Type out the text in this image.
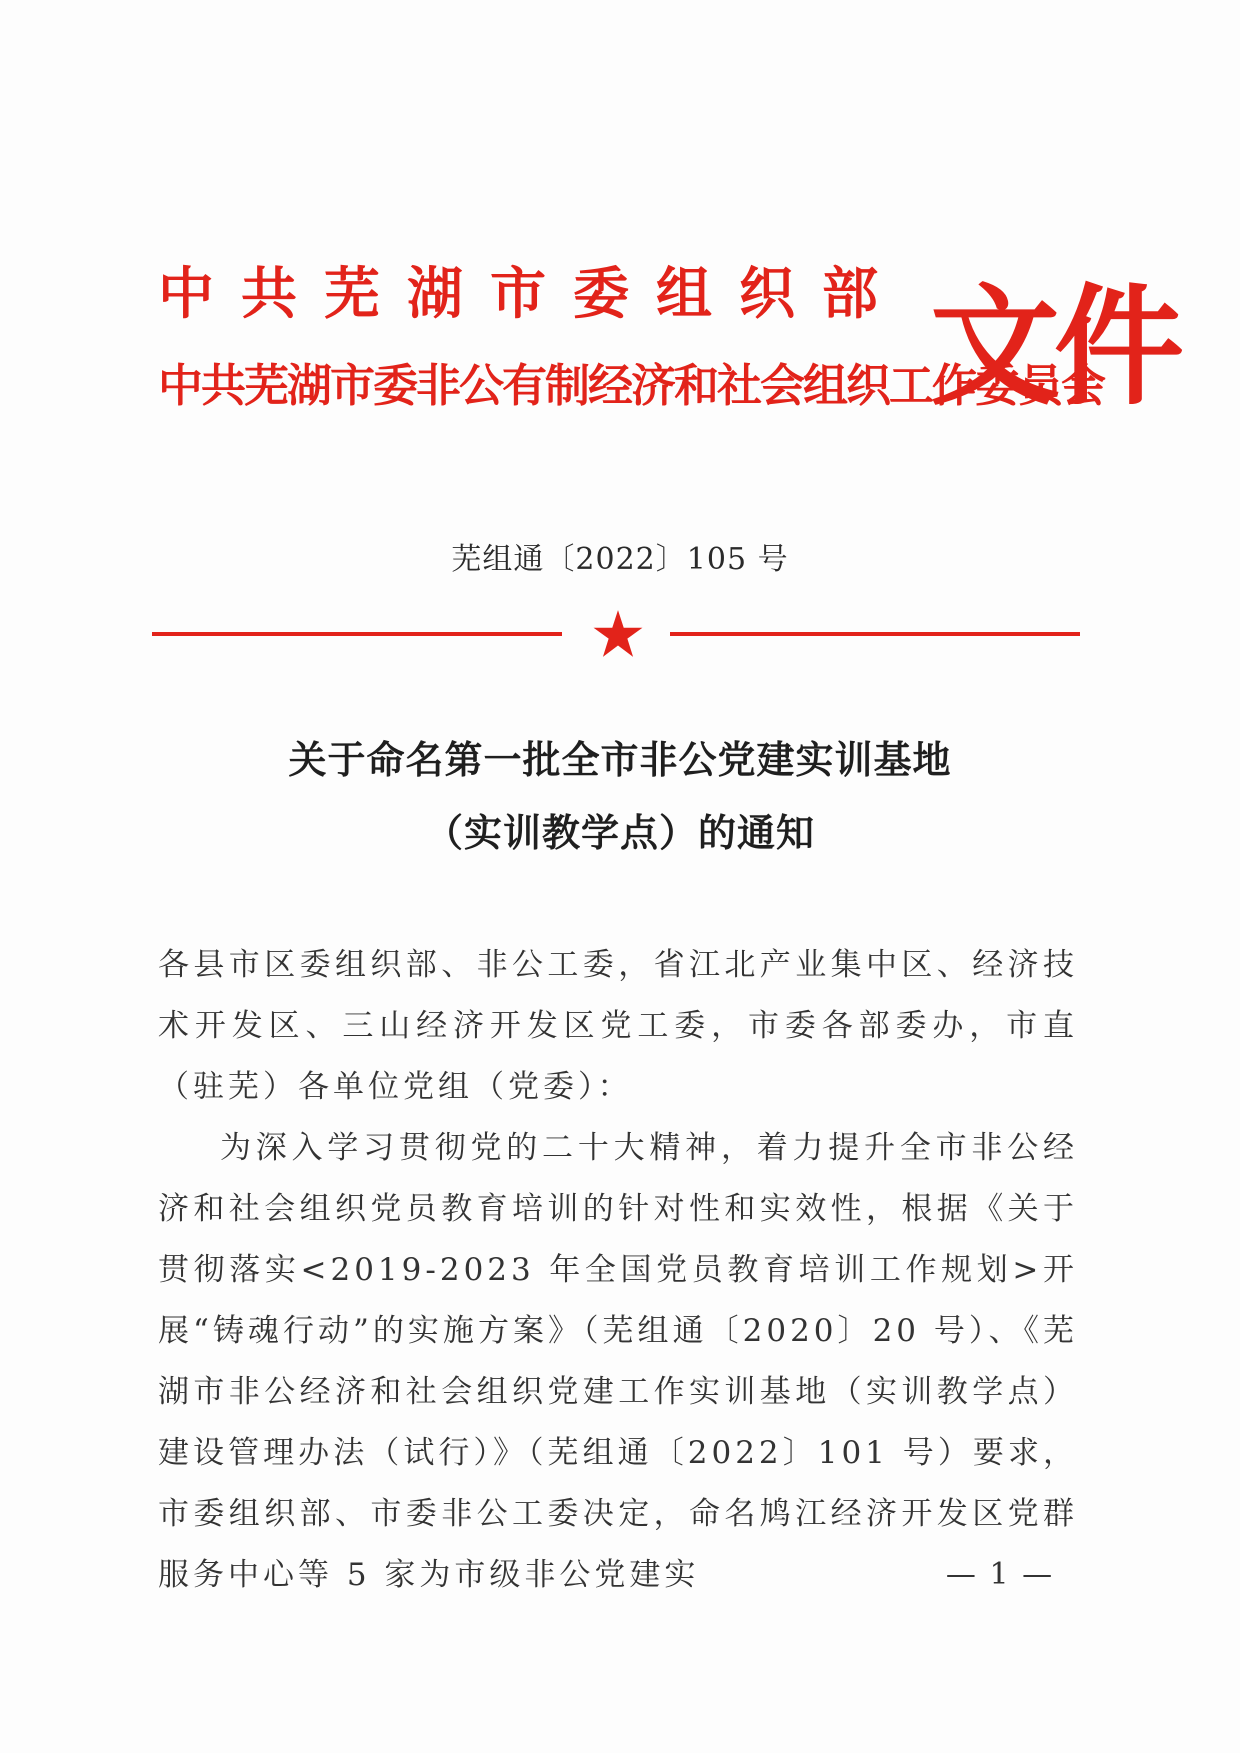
中共芜湖市委组织部
中共芜湖市委非公有制经济和社会组织工作委员会
文件
芜组通〔2022〕105 号
关于命名第一批全市非公党建实训基地
（实训教学点）的通知

各县市区委组织部、非公工委，省江北产业集中区、经济技术开发区、三山经济开发区党工委，市委各部委办，市直（驻芜）各单位党组（党委）：

为深入学习贯彻党的二十大精神，着力提升全市非公经济和社会组织党员教育培训的针对性和实效性，根据《关于贯彻落实<2019-2023 年全国党员教育培训工作规划>开展“铸魂行动”的实施方案》（芜组通〔2020〕20 号）、《芜湖市非公经济和社会组织党建工作实训基地（实训教学点）建设管理办法（试行）》（芜组通〔2022〕101 号）要求，市委组织部、市委非公工委决定，命名鸠江经济开发区党群服务中心等 5 家为市级非公党建实	— 1 —
